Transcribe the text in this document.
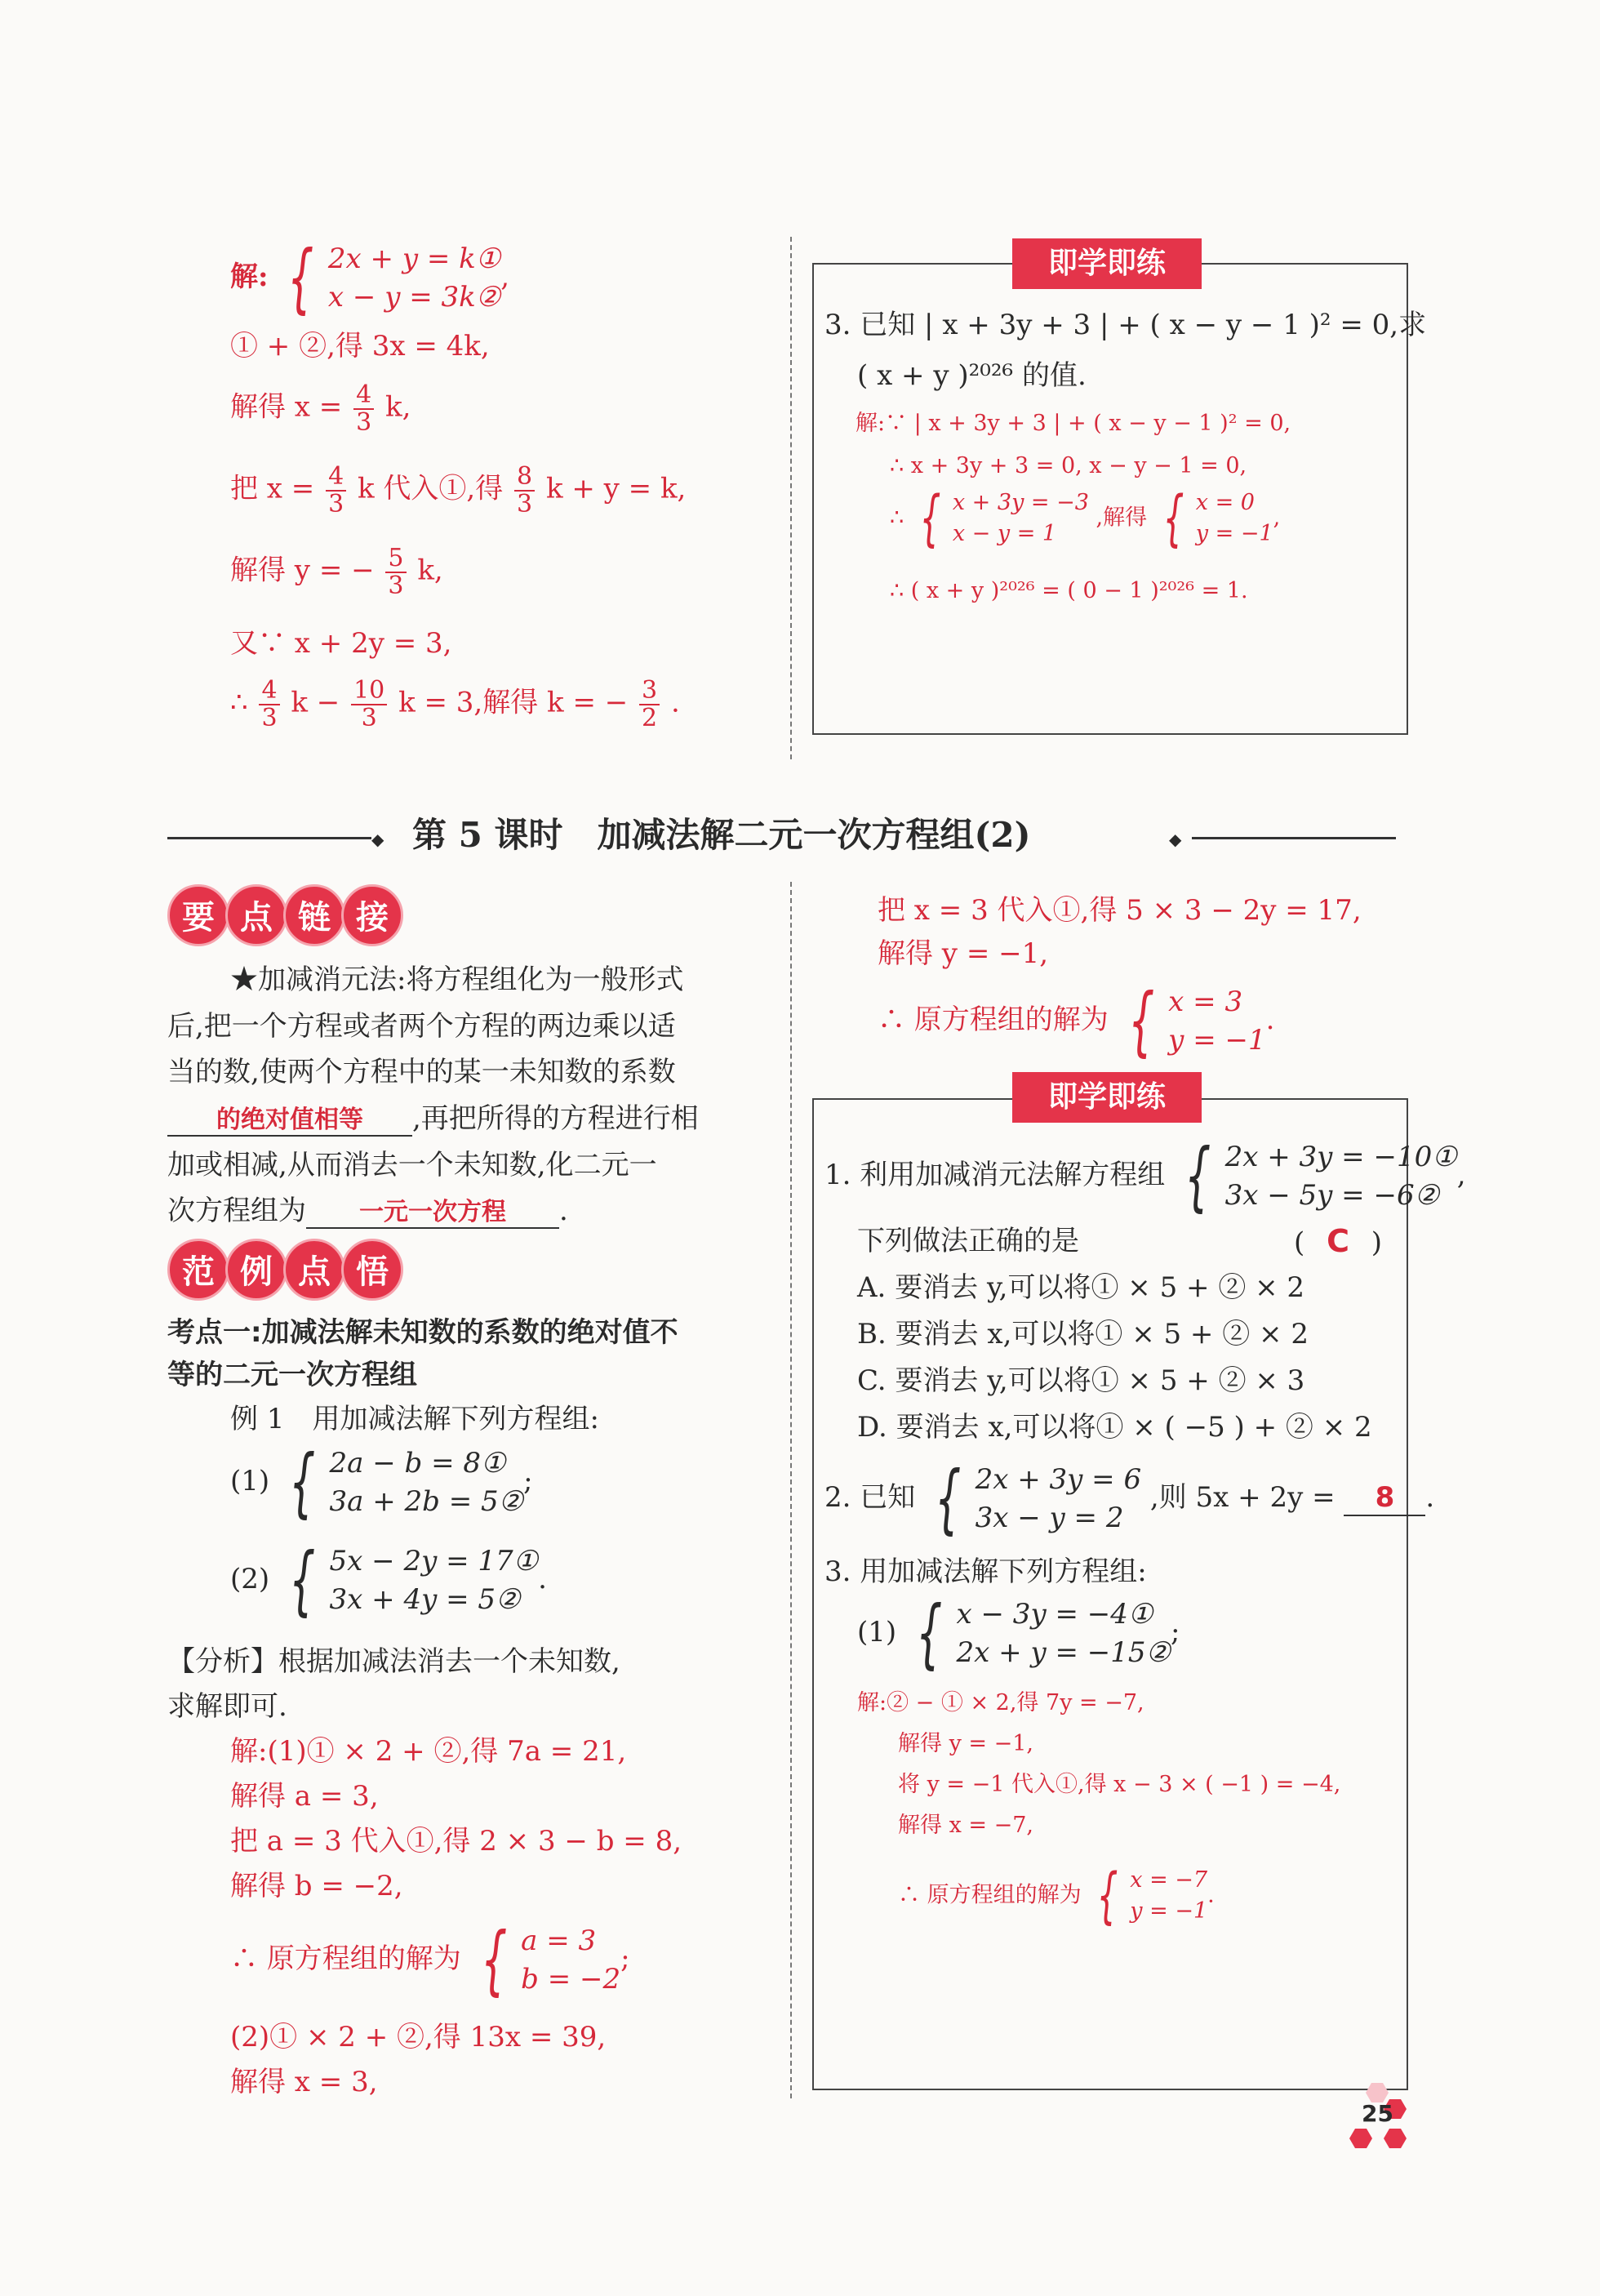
解: { 2x + y = k①
x − y = 3k②
,
① + ②,得 3x = 4k,
解得 $x = \frac{4}{3} k$,
把 $x = \frac{4}{3}$ k 代入①,得 $\frac{8}{3}$ k + y = k,
解得 y = − $\frac{5}{3} k$,
又∵ x + 2y = 3,
∴ $\frac{4}{3}$ $k - \frac{10}{3}$ k = 3,解得 k = − $\frac{3}{2}$ .
即学即练
3. 已知 | x + 3y + 3 | + ( x − y − 1 )² = 0,求
( x + y )²⁰²⁶ 的值.
解:∵ | x + 3y + 3 | + ( x − y − 1 )² = 0,
∴ x + 3y + 3 = 0, x − y − 1 = 0,
∴ { x + 3y = −3
x − y = 1
,解得 { x = 0
y = −1
,
∴ ( x + y )²⁰²⁶ = ( 0 − 1 )²⁰²⁶ = 1.
◆ 第 5 课时　加减法解二元一次方程组(2)	◆
要 点 链 接
★加减消元法:将方程组化为一般形式
后,把一个方程或者两个方程的两边乘以适
当的数,使两个方程中的某一未知数的系数
的绝对值相等 ,再把所得的方程进行相
加或相减,从而消去一个未知数,化二元一
次方程组为 一元一次方程 .
范 例 点 悟
考点一:加减法解未知数的系数的绝对值不
等的二元一次方程组
例 1　用加减法解下列方程组:
(1) { 2a − b = 8①
3a + 2b = 5②
;
(2) { 5x − 2y = 17①
3x + 4y = 5②
.
【分析】根据加减法消去一个未知数,
求解即可.
解:(1)① × 2 + ②,得 7a = 21,
解得 a = 3,
把 a = 3 代入①,得 2 × 3 − b = 8,
解得 b = −2,
∴ 原方程组的解为 { a = 3
b = −2
;
(2)① × 2 + ②,得 13x = 39,
解得 x = 3,
把 x = 3 代入①,得 5 × 3 − 2y = 17,
解得 y = −1,
∴ 原方程组的解为 { x = 3
y = −1
.
即学即练
1. 利用加减消元法解方程组 { 2x + 3y = −10①
3x − 5y = −6②
,
下列做法正确的是	( C )
A. 要消去 y,可以将① × 5 + ② × 2
B. 要消去 x,可以将① × 5 + ② × 2
C. 要消去 y,可以将① × 5 + ② × 3
D. 要消去 x,可以将① × ( −5 ) + ② × 2
2. 已知 { 2x + 3y = 6
3x − y = 2
,则 5x + 2y = 8 .
3. 用加减法解下列方程组:
(1) { x − 3y = −4①
2x + y = −15②
;
解:② − ① × 2,得 7y = −7,
解得 y = −1,
将 y = −1 代入①,得 x − 3 × ( −1 ) = −4,
解得 x = −7,
∴ 原方程组的解为 { x = −7
y = −1
.
25
